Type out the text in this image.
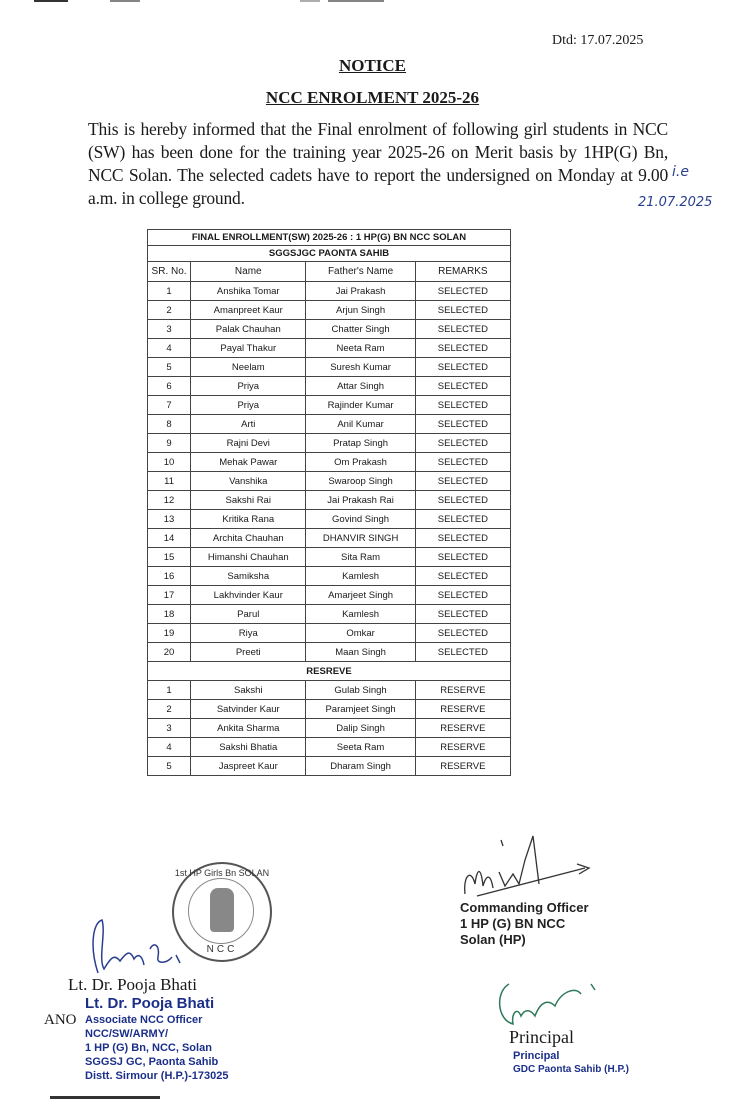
Dtd: 17.07.2025
NOTICE
NCC ENROLMENT 2025-26
This is hereby informed that the Final enrolment of following girl students in NCC (SW) has been done for the training year 2025-26 on Merit basis by 1HP(G) Bn, NCC Solan. The selected cadets have to report the undersigned on Monday at 9.00 a.m. in college ground.
i.e
21.07.2025
FINAL ENROLLMENT(SW) 2025-26 : 1 HP(G) BN NCC SOLAN			
SGGSJGC PAONTA SAHIB			
SR. No.	Name	Father's Name	REMARKS
1	Anshika Tomar	Jai Prakash	SELECTED
2	Amanpreet Kaur	Arjun Singh	SELECTED
3	Palak Chauhan	Chatter Singh	SELECTED
4	Payal Thakur	Neeta Ram	SELECTED
5	Neelam	Suresh Kumar	SELECTED
6	Priya	Attar Singh	SELECTED
7	Priya	Rajinder Kumar	SELECTED
8	Arti	Anil Kumar	SELECTED
9	Rajni Devi	Pratap Singh	SELECTED
10	Mehak Pawar	Om Prakash	SELECTED
11	Vanshika	Swaroop Singh	SELECTED
12	Sakshi Rai	Jai Prakash Rai	SELECTED
13	Kritika Rana	Govind Singh	SELECTED
14	Archita Chauhan	DHANVIR SINGH	SELECTED
15	Himanshi Chauhan	Sita Ram	SELECTED
16	Samiksha	Kamlesh	SELECTED
17	Lakhvinder Kaur	Amarjeet Singh	SELECTED
18	Parul	Kamlesh	SELECTED
19	Riya	Omkar	SELECTED
20	Preeti	Maan Singh	SELECTED
RESREVE			
1	Sakshi	Gulab Singh	RESERVE
2	Satvinder Kaur	Paramjeet Singh	RESERVE
3	Ankita Sharma	Dalip Singh	RESERVE
4	Sakshi Bhatia	Seeta Ram	RESERVE
5	Jaspreet Kaur	Dharam Singh	RESERVE
1st HP Girls Bn SOLAN
NCC
Lt. Dr. Pooja Bhati
ANO
Lt. Dr. Pooja Bhati
Associate NCC Officer
NCC/SW/ARMY/
1 HP (G) Bn, NCC, Solan
SGGSJ GC, Paonta Sahib
Distt. Sirmour (H.P.)-173025
Commanding Officer
1 HP (G) BN NCC
Solan (HP)
Principal
Principal
GDC Paonta Sahib (H.P.)
